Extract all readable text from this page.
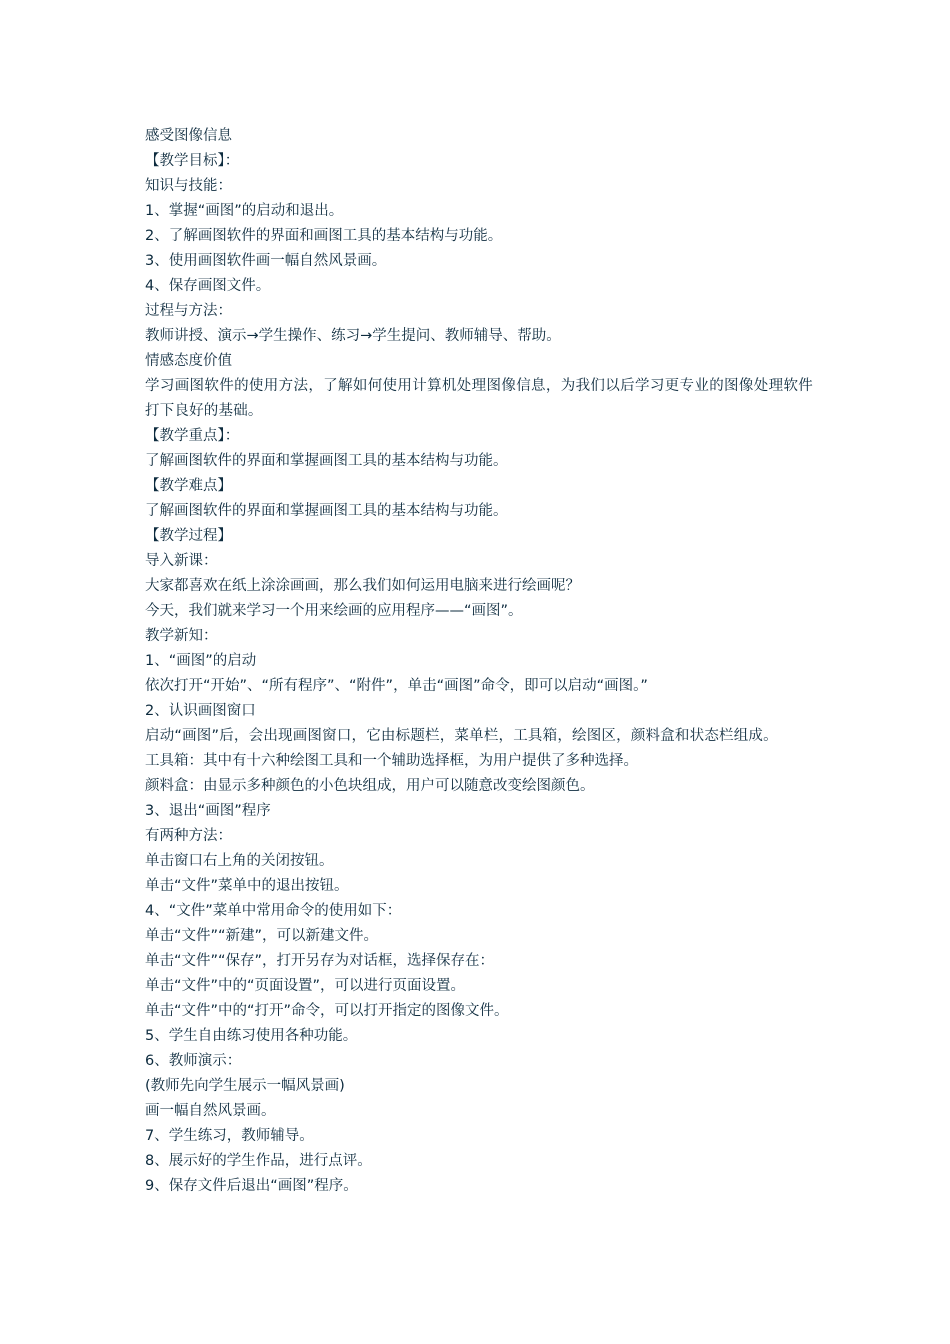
感受图像信息
【教学目标】：
知识与技能：
1、掌握“画图”的启动和退出。
2、了解画图软件的界面和画图工具的基本结构与功能。
3、使用画图软件画一幅自然风景画。
4、保存画图文件。
过程与方法：
教师讲授、演示→学生操作、练习→学生提问、教师辅导、帮助。
情感态度价值
学习画图软件的使用方法，了解如何使用计算机处理图像信息，为我们以后学习更专业的图像处理软件打下良好的基础。
【教学重点】：
了解画图软件的界面和掌握画图工具的基本结构与功能。
【教学难点】
了解画图软件的界面和掌握画图工具的基本结构与功能。
【教学过程】
导入新课：
大家都喜欢在纸上涂涂画画，那么我们如何运用电脑来进行绘画呢？
今天，我们就来学习一个用来绘画的应用程序——“画图”。
教学新知：
1、“画图”的启动
依次打开“开始”、“所有程序”、“附件”，单击“画图”命令，即可以启动“画图。”
2、认识画图窗口
启动“画图”后，会出现画图窗口，它由标题栏，菜单栏，工具箱，绘图区，颜料盒和状态栏组成。
工具箱：其中有十六种绘图工具和一个辅助选择框，为用户提供了多种选择。
颜料盒：由显示多种颜色的小色块组成，用户可以随意改变绘图颜色。
3、退出“画图”程序
有两种方法：
单击窗口右上角的关闭按钮。
单击“文件”菜单中的退出按钮。
4、“文件”菜单中常用命令的使用如下：
单击“文件”“新建”，可以新建文件。
单击“文件”“保存”，打开另存为对话框，选择保存在：
单击“文件”中的“页面设置”，可以进行页面设置。
单击“文件”中的“打开”命令，可以打开指定的图像文件。
5、学生自由练习使用各种功能。
6、教师演示：
(教师先向学生展示一幅风景画)
画一幅自然风景画。
7、学生练习，教师辅导。
8、展示好的学生作品，进行点评。
9、保存文件后退出“画图”程序。
